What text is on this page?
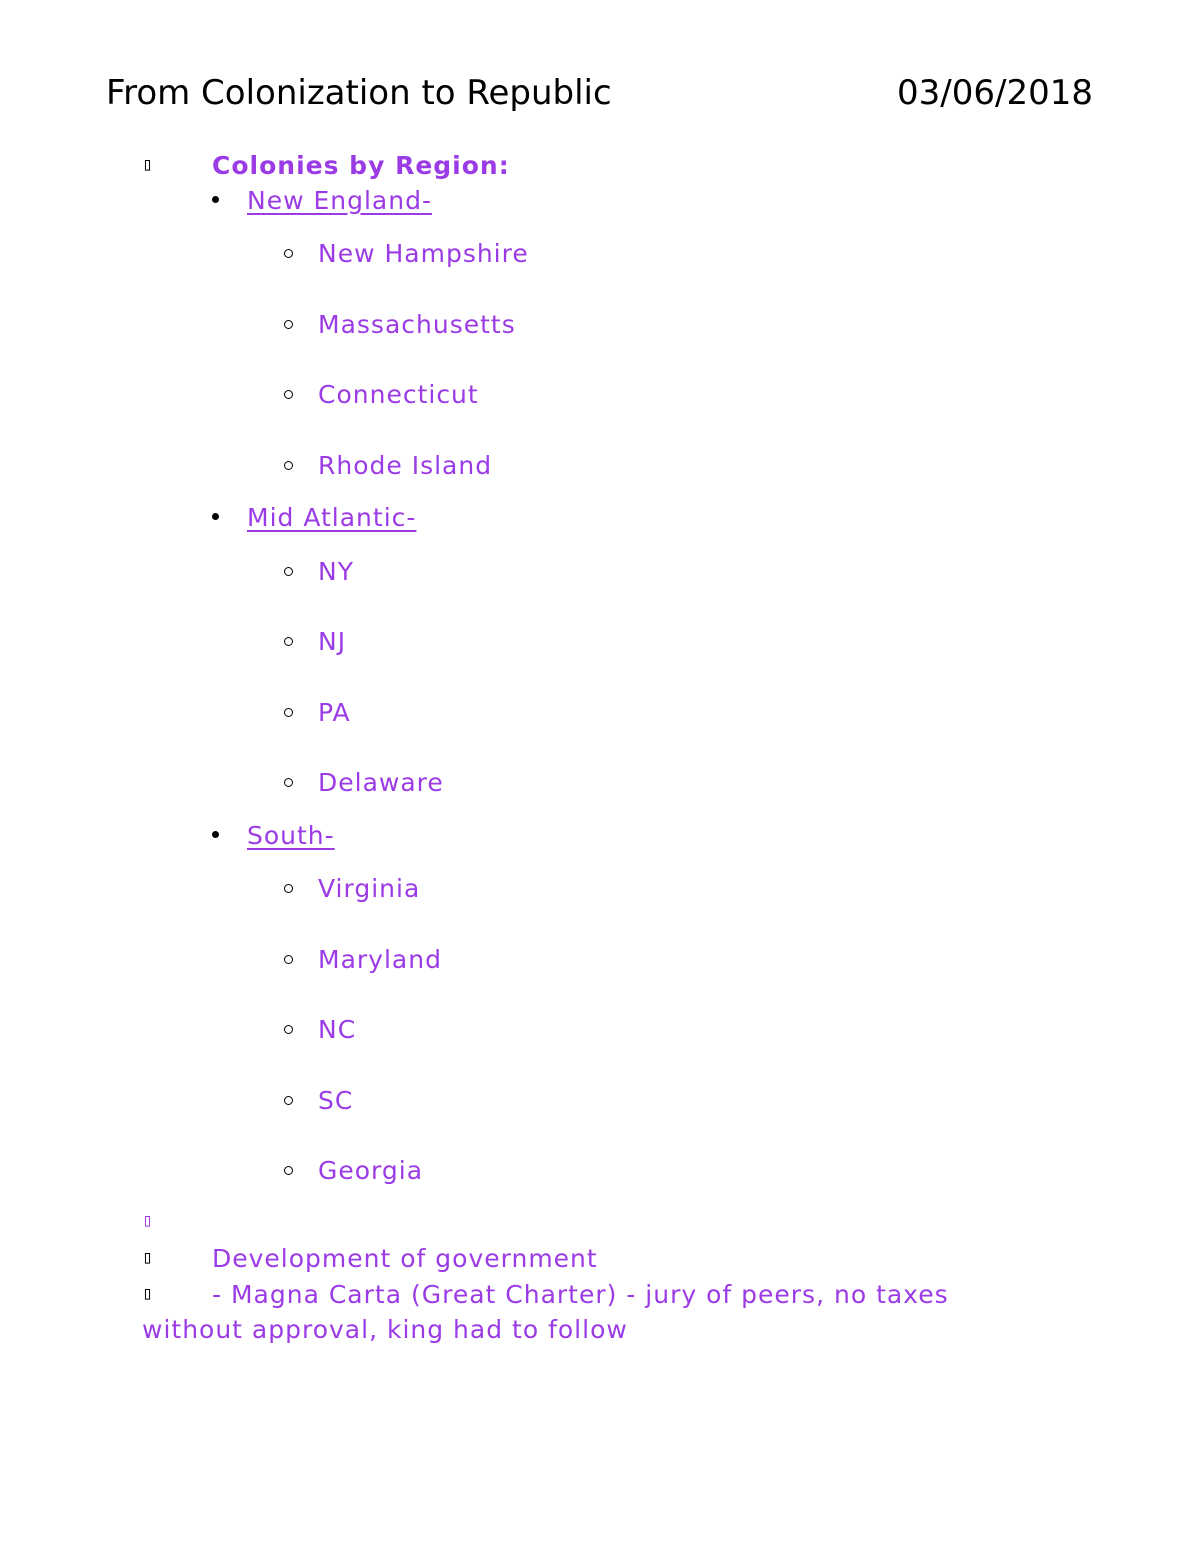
From Colonization to Republic	03/06/2018
▯ Colonies by Region:
New England-
New Hampshire
Massachusetts
Connecticut
Rhode Island
Mid Atlantic-
NY
NJ
PA
Delaware
South-
Virginia
Maryland
NC
SC
Georgia
▯
▯ Development of government
▯ - Magna Carta (Great Charter) - jury of peers, no taxes
without approval, king had to follow
